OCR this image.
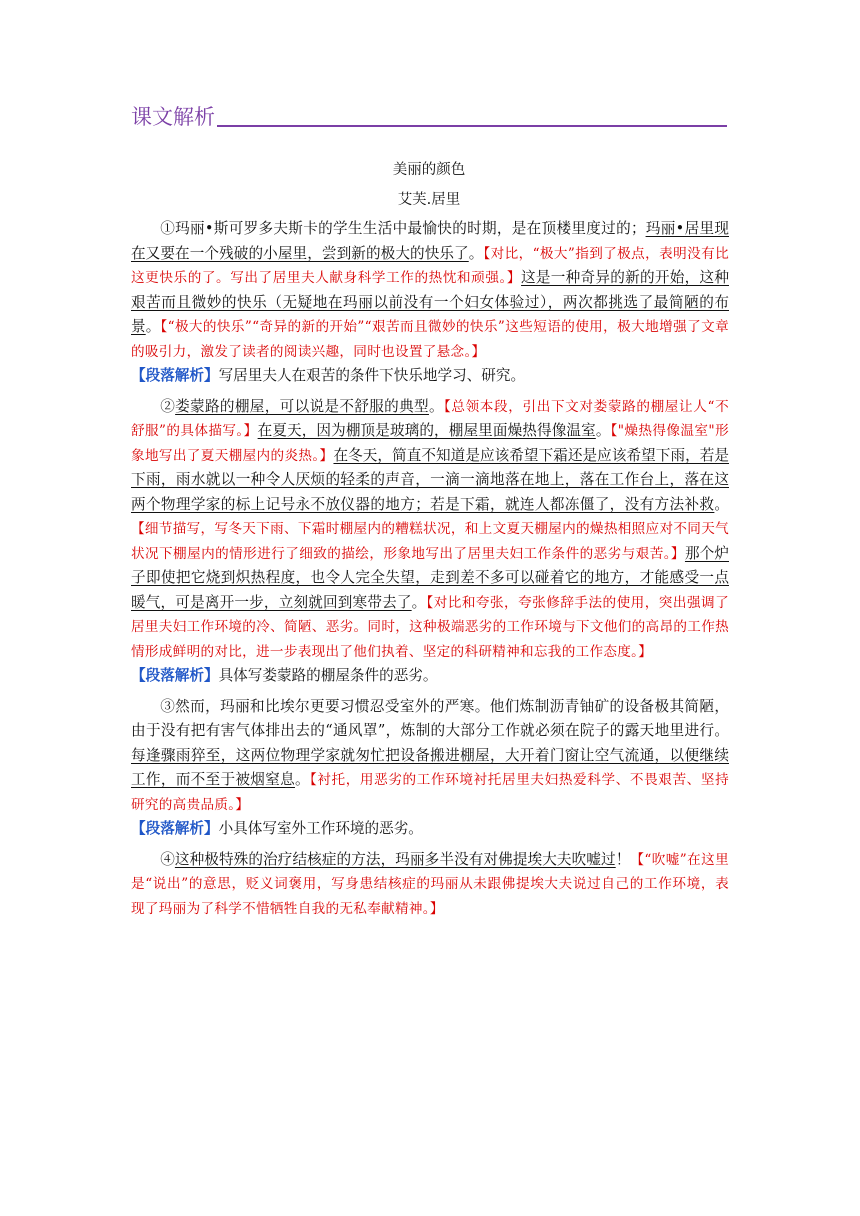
课文解析
美丽的颜色
艾芙.居里

①玛丽•斯可罗多夫斯卡的学生生活中最愉快的时期，是在顶楼里度过的；玛丽•居里现在又要在一个残破的小屋里，尝到新的极大的快乐了。【对比，“极大”指到了极点，表明没有比这更快乐的了。写出了居里夫人献身科学工作的热忱和顽强。】这是一种奇异的新的开始，这种艰苦而且微妙的快乐（无疑地在玛丽以前没有一个妇女体验过），两次都挑选了最简陋的布景。【“极大的快乐”“奇异的新的开始”“艰苦而且微妙的快乐”这些短语的使用，极大地增强了文章的吸引力，激发了读者的阅读兴趣，同时也设置了悬念。】

【段落解析】写居里夫人在艰苦的条件下快乐地学习、研究。

②娄蒙路的棚屋，可以说是不舒服的典型。【总领本段，引出下文对娄蒙路的棚屋让人“不舒服”的具体描写。】在夏天，因为棚顶是玻璃的，棚屋里面燥热得像温室。【"燥热得像温室"形象地写出了夏天棚屋内的炎热。】在冬天，简直不知道是应该希望下霜还是应该希望下雨，若是下雨，雨水就以一种令人厌烦的轻柔的声音，一滴一滴地落在地上，落在工作台上，落在这两个物理学家的标上记号永不放仪器的地方；若是下霜，就连人都冻僵了，没有方法补救。【细节描写，写冬天下雨、下霜时棚屋内的糟糕状况，和上文夏天棚屋内的燥热相照应对不同天气状况下棚屋内的情形进行了细致的描绘，形象地写出了居里夫妇工作条件的恶劣与艰苦。】那个炉子即使把它烧到炽热程度，也令人完全失望，走到差不多可以碰着它的地方，才能感受一点暖气，可是离开一步，立刻就回到寒带去了。【对比和夸张，夸张修辞手法的使用，突出强调了居里夫妇工作环境的冷、简陋、恶劣。同时，这种极端恶劣的工作环境与下文他们的高昂的工作热情形成鲜明的对比，进一步表现出了他们执着、坚定的科研精神和忘我的工作态度。】

【段落解析】具体写娄蒙路的棚屋条件的恶劣。

③然而，玛丽和比埃尔更要习惯忍受室外的严寒。他们炼制沥青铀矿的设备极其简陋，由于没有把有害气体排出去的“通风罩”，炼制的大部分工作就必须在院子的露天地里进行。每逢骤雨猝至，这两位物理学家就匆忙把设备搬进棚屋，大开着门窗让空气流通，以便继续工作，而不至于被烟窒息。【衬托，用恶劣的工作环境衬托居里夫妇热爱科学、不畏艰苦、坚持研究的高贵品质。】

【段落解析】小具体写室外工作环境的恶劣。

④这种极特殊的治疗结核症的方法，玛丽多半没有对佛提埃大夫吹嘘过！【“吹嘘”在这里是“说出”的意思，贬义词褒用，写身患结核症的玛丽从未跟佛提埃大夫说过自己的工作环境，表现了玛丽为了科学不惜牺牲自我的无私奉献精神。】
